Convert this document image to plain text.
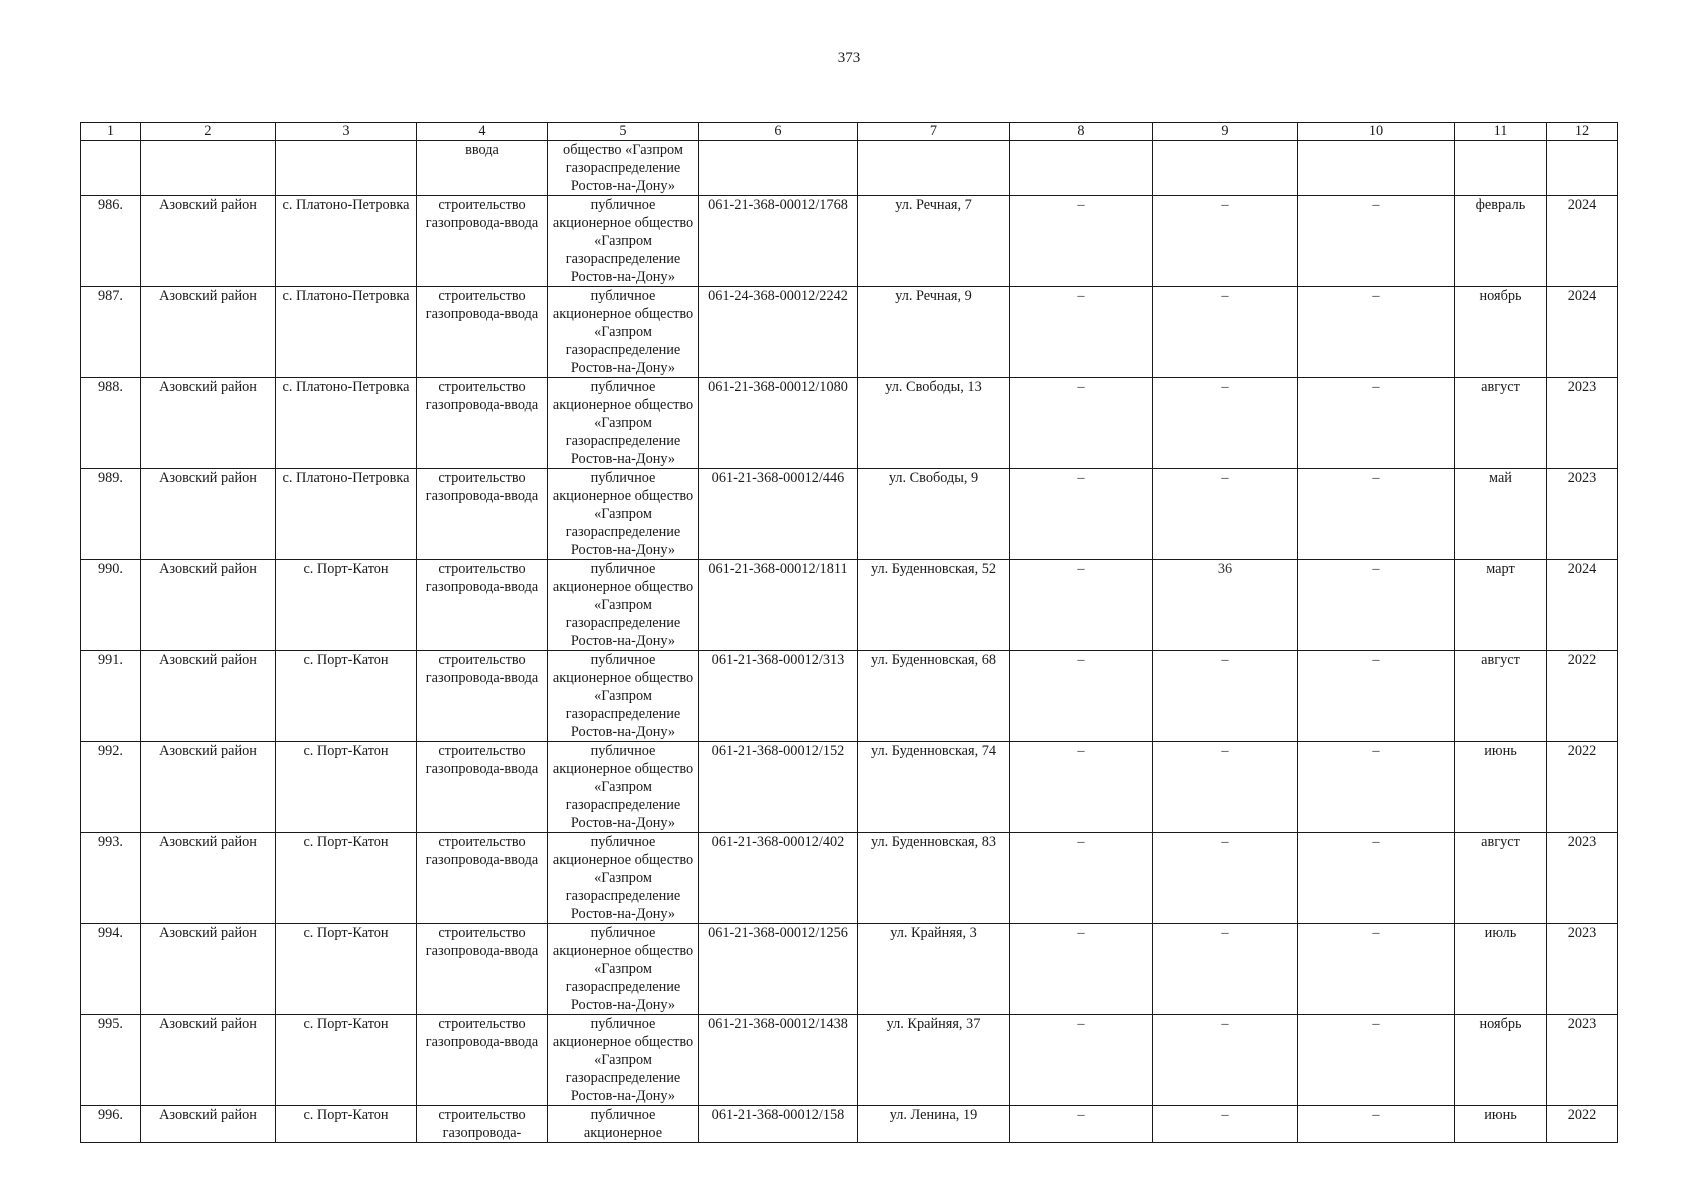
373
1	2	3	4	5	6	7	8	9	10	11	12
			ввода	общество «Газпром газораспределение Ростов-на-Дону»							
986.	Азовский район	с. Платоно-Петровка	строительство газопровода-ввода	публичное акционерное общество «Газпром газораспределение Ростов-на-Дону»	061-21-368-00012/1768	ул. Речная, 7	–	–	–	февраль	2024
987.	Азовский район	с. Платоно-Петровка	строительство газопровода-ввода	публичное акционерное общество «Газпром газораспределение Ростов-на-Дону»	061-24-368-00012/2242	ул. Речная, 9	–	–	–	ноябрь	2024
988.	Азовский район	с. Платоно-Петровка	строительство газопровода-ввода	публичное акционерное общество «Газпром газораспределение Ростов-на-Дону»	061-21-368-00012/1080	ул. Свободы, 13	–	–	–	август	2023
989.	Азовский район	с. Платоно-Петровка	строительство газопровода-ввода	публичное акционерное общество «Газпром газораспределение Ростов-на-Дону»	061-21-368-00012/446	ул. Свободы, 9	–	–	–	май	2023
990.	Азовский район	с. Порт-Катон	строительство газопровода-ввода	публичное акционерное общество «Газпром газораспределение Ростов-на-Дону»	061-21-368-00012/1811	ул. Буденновская, 52	–	36	–	март	2024
991.	Азовский район	с. Порт-Катон	строительство газопровода-ввода	публичное акционерное общество «Газпром газораспределение Ростов-на-Дону»	061-21-368-00012/313	ул. Буденновская, 68	–	–	–	август	2022
992.	Азовский район	с. Порт-Катон	строительство газопровода-ввода	публичное акционерное общество «Газпром газораспределение Ростов-на-Дону»	061-21-368-00012/152	ул. Буденновская, 74	–	–	–	июнь	2022
993.	Азовский район	с. Порт-Катон	строительство газопровода-ввода	публичное акционерное общество «Газпром газораспределение Ростов-на-Дону»	061-21-368-00012/402	ул. Буденновская, 83	–	–	–	август	2023
994.	Азовский район	с. Порт-Катон	строительство газопровода-ввода	публичное акционерное общество «Газпром газораспределение Ростов-на-Дону»	061-21-368-00012/1256	ул. Крайняя, 3	–	–	–	июль	2023
995.	Азовский район	с. Порт-Катон	строительство газопровода-ввода	публичное акционерное общество «Газпром газораспределение Ростов-на-Дону»	061-21-368-00012/1438	ул. Крайняя, 37	–	–	–	ноябрь	2023
996.	Азовский район	с. Порт-Катон	строительство газопровода-	публичное акционерное	061-21-368-00012/158	ул. Ленина, 19	–	–	–	июнь	2022
